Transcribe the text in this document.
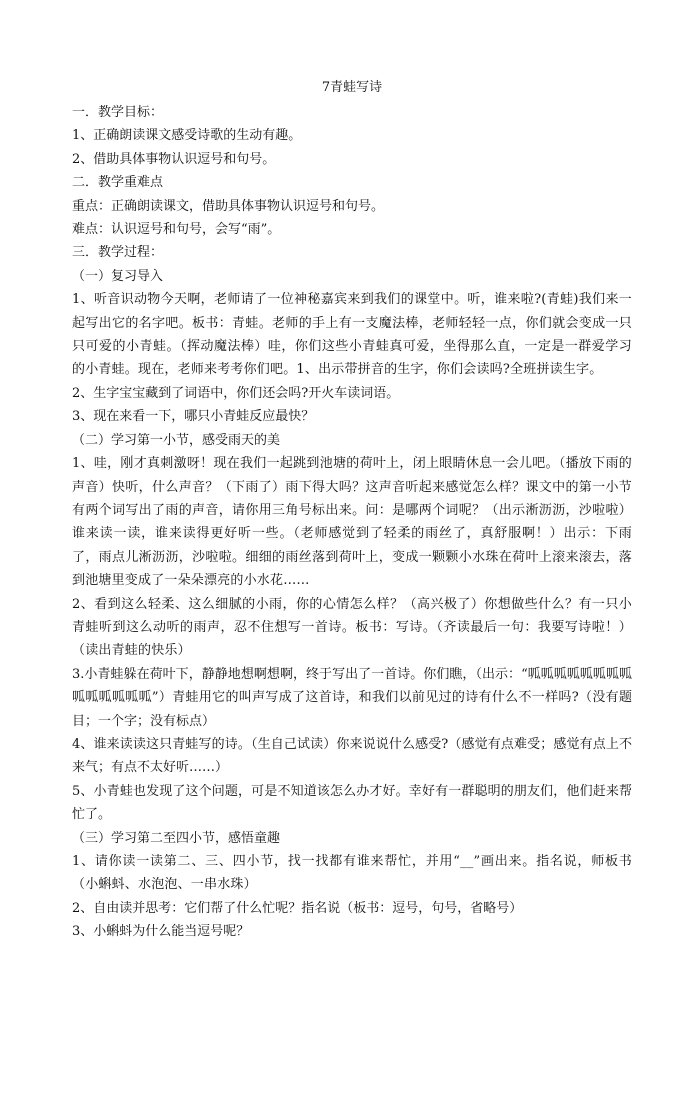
7青蛙写诗

一．教学目标：

1、正确朗读课文感受诗歌的生动有趣。

2、借助具体事物认识逗号和句号。

二．教学重难点

重点：正确朗读课文，借助具体事物认识逗号和句号。

难点：认识逗号和句号，会写“雨”。

三．教学过程：

（一）复习导入

1、听音识动物今天啊，老师请了一位神秘嘉宾来到我们的课堂中。听，谁来啦?(青蛙)我们来一起写出它的名字吧。板书：青蛙。老师的手上有一支魔法棒，老师轻轻一点，你们就会变成一只只可爱的小青蛙。（挥动魔法棒）哇，你们这些小青蛙真可爱，坐得那么直，一定是一群爱学习的小青蛙。现在，老师来考考你们吧。1、出示带拼音的生字，你们会读吗?全班拼读生字。

2、生字宝宝藏到了词语中，你们还会吗?开火车读词语。

3、现在来看一下，哪只小青蛙反应最快？

（二）学习第一小节，感受雨天的美

1、哇，刚才真刺激呀！现在我们一起跳到池塘的荷叶上，闭上眼睛休息一会儿吧。（播放下雨的声音）快听，什么声音？（下雨了）雨下得大吗？这声音听起来感觉怎么样？课文中的第一小节有两个词写出了雨的声音，请你用三角号标出来。问：是哪两个词呢？（出示淅沥沥，沙啦啦）谁来读一读，谁来读得更好听一些。（老师感觉到了轻柔的雨丝了，真舒服啊！）出示：下雨了，雨点儿淅沥沥，沙啦啦。细细的雨丝落到荷叶上，变成一颗颗小水珠在荷叶上滚来滚去，落到池塘里变成了一朵朵漂亮的小水花……

2、看到这么轻柔、这么细腻的小雨，你的心情怎么样？（高兴极了）你想做些什么？有一只小青蛙听到这么动听的雨声，忍不住想写一首诗。板书：写诗。（齐读最后一句：我要写诗啦！）（读出青蛙的快乐）

3.小青蛙躲在荷叶下，静静地想啊想啊，终于写出了一首诗。你们瞧，（出示：“呱呱呱呱呱呱呱呱呱呱呱呱呱呱”）青蛙用它的叫声写成了这首诗，和我们以前见过的诗有什么不一样吗?（没有题目；一个字；没有标点）

4、谁来读读这只青蛙写的诗。（生自己试读）你来说说什么感受?（感觉有点难受；感觉有点上不来气；有点不太好听……）

5、小青蛙也发现了这个问题，可是不知道该怎么办才好。幸好有一群聪明的朋友们，他们赶来帮忙了。

（三）学习第二至四小节，感悟童趣

1、请你读一读第二、三、四小节，找一找都有谁来帮忙，并用“__”画出来。指名说，师板书（小蝌蚪、水泡泡、一串水珠）

2、自由读并思考：它们帮了什么忙呢？指名说（板书：逗号，句号，省略号）

3、小蝌蚪为什么能当逗号呢？
